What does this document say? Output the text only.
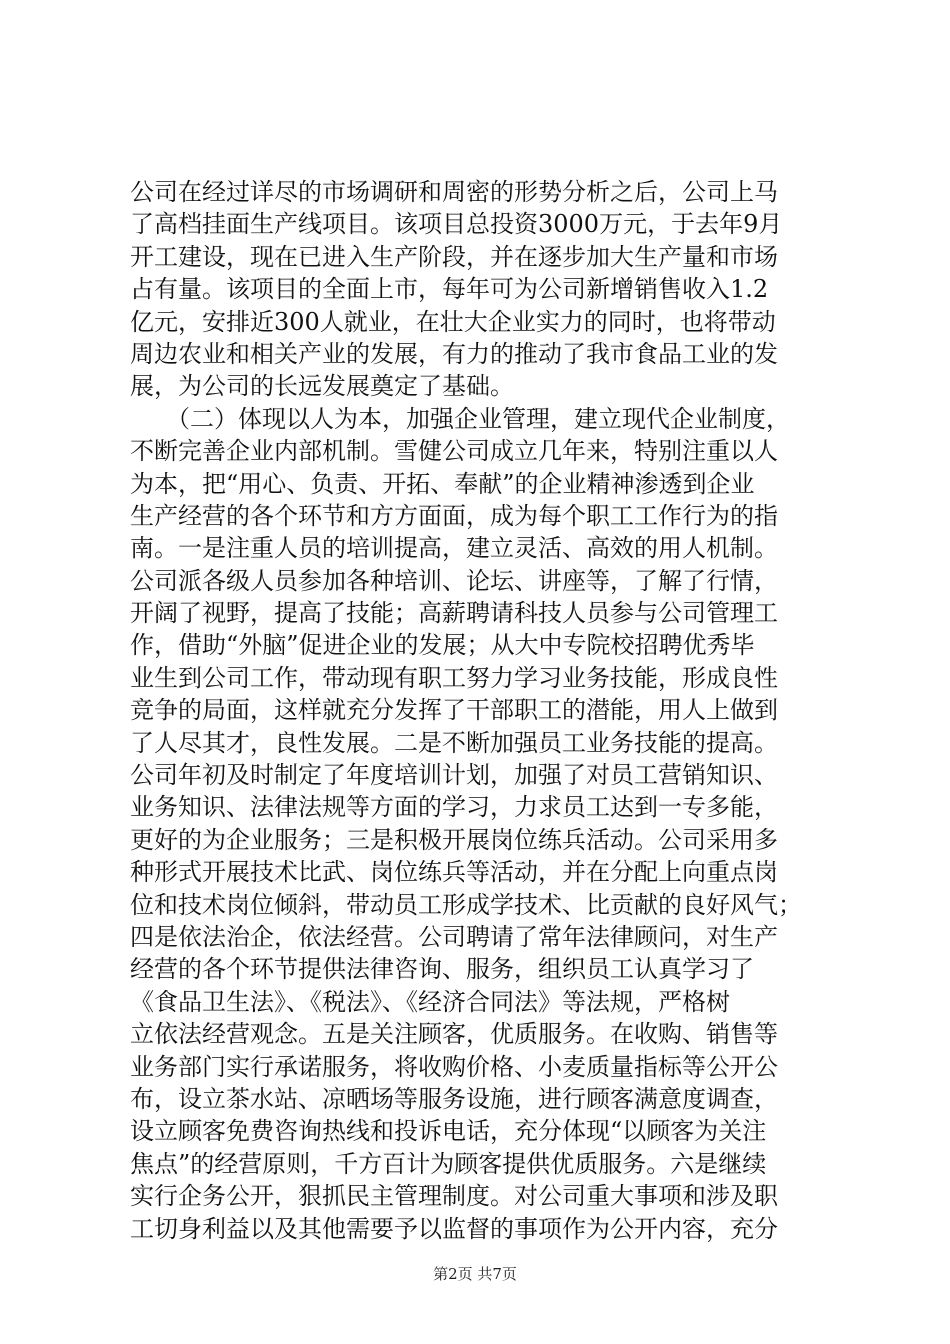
公司在经过详尽的市场调研和周密的形势分析之后，公司上马
了高档挂面生产线项目。该项目总投资3000万元，于去年9月
开工建设，现在已进入生产阶段，并在逐步加大生产量和市场
占有量。该项目的全面上市，每年可为公司新增销售收入1.2
亿元，安排近300人就业，在壮大企业实力的同时，也将带动
周边农业和相关产业的发展，有力的推动了我市食品工业的发
展，为公司的长远发展奠定了基础。
　　（二）体现以人为本，加强企业管理，建立现代企业制度，
不断完善企业内部机制。雪健公司成立几年来，特别注重以人
为本，把“用心、负责、开拓、奉献”的企业精神渗透到企业
生产经营的各个环节和方方面面，成为每个职工工作行为的指
南。一是注重人员的培训提高，建立灵活、高效的用人机制。
公司派各级人员参加各种培训、论坛、讲座等，了解了行情，
开阔了视野，提高了技能；高薪聘请科技人员参与公司管理工
作，借助“外脑”促进企业的发展；从大中专院校招聘优秀毕
业生到公司工作，带动现有职工努力学习业务技能，形成良性
竞争的局面，这样就充分发挥了干部职工的潜能，用人上做到
了人尽其才，良性发展。二是不断加强员工业务技能的提高。
公司年初及时制定了年度培训计划，加强了对员工营销知识、
业务知识、法律法规等方面的学习，力求员工达到一专多能，
更好的为企业服务；三是积极开展岗位练兵活动。公司采用多
种形式开展技术比武、岗位练兵等活动，并在分配上向重点岗
位和技术岗位倾斜，带动员工形成学技术、比贡献的良好风气；
四是依法治企，依法经营。公司聘请了常年法律顾问，对生产
经营的各个环节提供法律咨询、服务，组织员工认真学习了
《食品卫生法》、《税法》、《经济合同法》等法规，严格树
立依法经营观念。五是关注顾客，优质服务。在收购、销售等
业务部门实行承诺服务，将收购价格、小麦质量指标等公开公
布，设立茶水站、凉晒场等服务设施，进行顾客满意度调查，
设立顾客免费咨询热线和投诉电话，充分体现“以顾客为关注
焦点”的经营原则，千方百计为顾客提供优质服务。六是继续
实行企务公开，狠抓民主管理制度。对公司重大事项和涉及职
工切身利益以及其他需要予以监督的事项作为公开内容，充分
第2页 共7页
